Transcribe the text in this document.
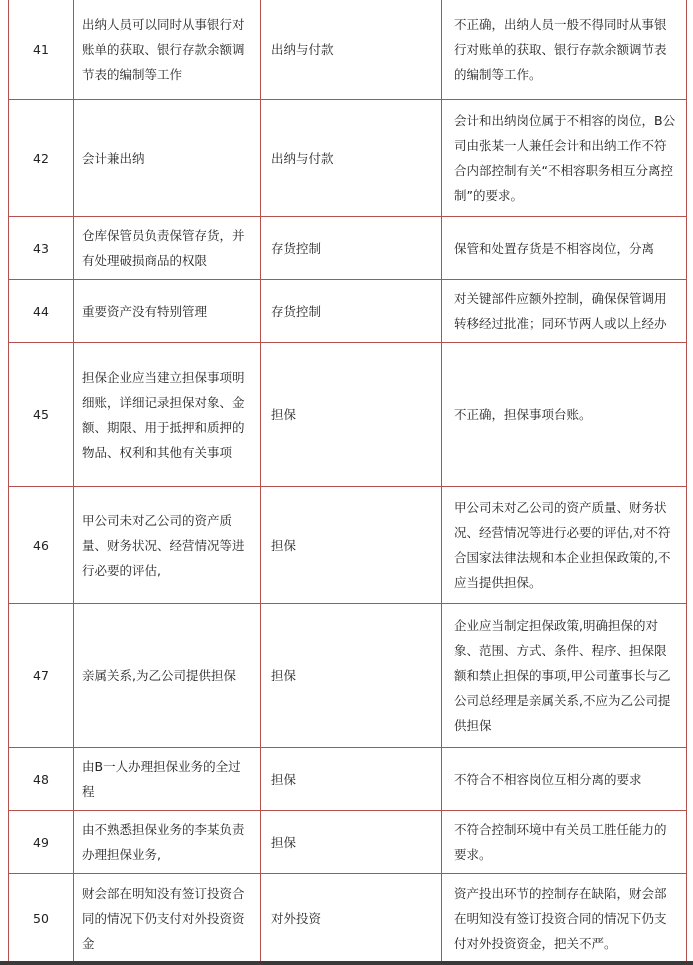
41	出纳人员可以同时从事银行对账单的获取、银行存款余额调节表的编制等工作	出纳与付款	不正确，出纳人员一般不得同时从事银行对账单的获取、银行存款余额调节表的编制等工作。
42	会计兼出纳	出纳与付款	会计和出纳岗位属于不相容的岗位，B公司由张某一人兼任会计和出纳工作不符合内部控制有关“不相容职务相互分离控制”的要求。
43	仓库保管员负责保管存货，并有处理破损商品的权限	存货控制	保管和处置存货是不相容岗位，分离
44	重要资产没有特别管理	存货控制	对关键部件应额外控制，确保保管调用转移经过批准；同环节两人或以上经办
45	担保企业应当建立担保事项明细账，详细记录担保对象、金额、期限、用于抵押和质押的物品、权利和其他有关事项	担保	不正确，担保事项台账。
46	甲公司未对乙公司的资产质量、财务状况、经营情况等进行必要的评估,	担保	甲公司未对乙公司的资产质量、财务状况、经营情况等进行必要的评估,对不符合国家法律法规和本企业担保政策的,不应当提供担保。
47	亲属关系,为乙公司提供担保	担保	企业应当制定担保政策,明确担保的对象、范围、方式、条件、程序、担保限额和禁止担保的事项,甲公司董事长与乙公司总经理是亲属关系,不应为乙公司提供担保
48	由B一人办理担保业务的全过程	担保	不符合不相容岗位互相分离的要求
49	由不熟悉担保业务的李某负责办理担保业务,	担保	不符合控制环境中有关员工胜任能力的要求。
50	财会部在明知没有签订投资合同的情况下仍支付对外投资资金	对外投资	资产投出环节的控制存在缺陷，财会部在明知没有签订投资合同的情况下仍支付对外投资资金，把关不严。
